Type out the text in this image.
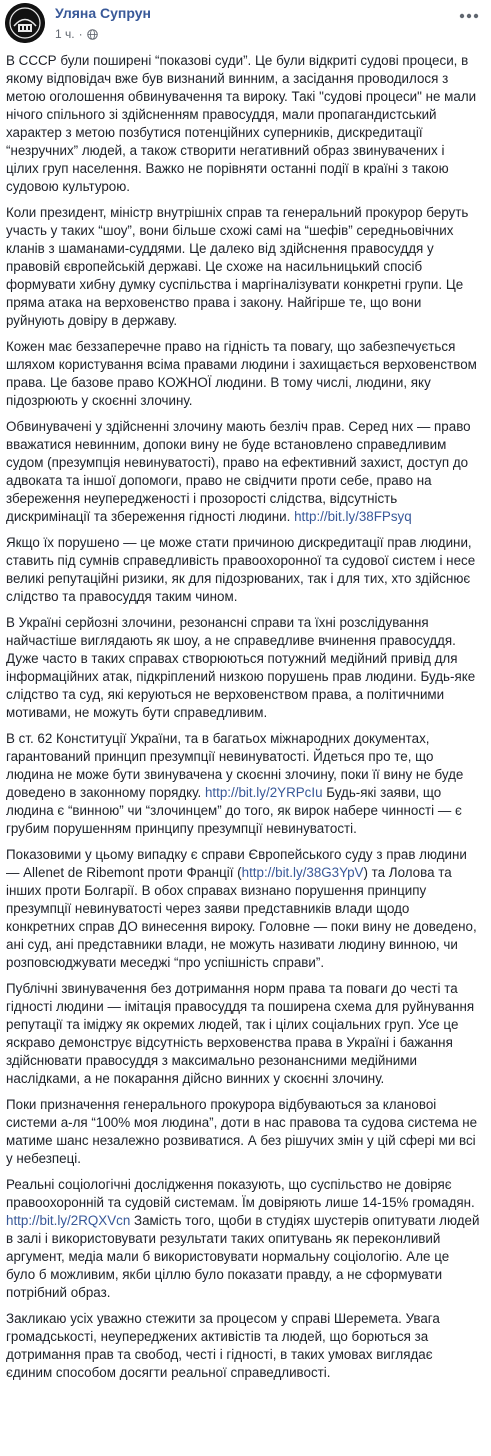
Уляна Супрун
1 ч. ·

В СССР були поширені “показові суди”. Це були відкриті судові процеси, в якому відповідач вже був визнаний винним, а засідання проводилося з метою оголошення обвинувачення та вироку. Такі "судові процеси" не мали нічого спільного зі здійсненням правосуддя, мали пропагандистський характер з метою позбутися потенційних суперників, дискредитації “незручних” людей, а також створити негативний образ звинувачених і цілих груп населення. Важко не порівняти останні події в країні з такою судовою культурою.

Коли президент, міністр внутрішніх справ та генеральний прокурор беруть участь у таких “шоу”, вони більше схожі самі на “шефів” середньовічних кланів з шаманами-суддями. Це далеко від здійснення правосуддя у правовій європейській державі. Це схоже на насильницький спосіб формувати хибну думку суспільства і маргіналізувати конкретні групи. Це пряма атака на верховенство права і закону. Найгірше те, що вони руйнують довіру в державу.

Кожен має беззаперечне право на гідність та повагу, що забезпечується шляхом користування всіма правами людини і захищається верховенством права. Це базове право КОЖНОЇ людини. В тому числі, людини, яку підозрюють у скоєнні злочину.

Обвинувачені у здійсненні злочину мають безліч прав. Серед них — право вважатися невинним, допоки вину не буде встановлено справедливим судом (презумпція невинуватості), право на ефективний захист, доступ до адвоката та іншої допомоги, право не свідчити проти себе, право на збереження неупередженості і прозорості слідства, відсутність дискримінації та збереження гідності людини. http://bit.ly/38FPsyq

Якщо їх порушено — це може стати причиною дискредитації прав людини, ставить під сумнів справедливість правоохоронної та судової систем і несе великі репутаційні ризики, як для підозрюваних, так і для тих, хто здійснює слідство та правосуддя таким чином.

В Україні серйозні злочини, резонансні справи та їхні розслідування найчастіше виглядають як шоу, а не справедливе вчинення правосуддя. Дуже часто в таких справах створюються потужний медійний привід для інформаційних атак, підкріплений низкою порушень прав людини. Будь-яке слідство та суд, які керуються не верховенством права, а політичними мотивами, не можуть бути справедливим.

В ст. 62 Конституції України, та в багатьох міжнародних документах, гарантований принцип презумпції невинуватості. Йдеться про те, що людина не може бути звинувачена у скоєнні злочину, поки її вину не буде доведено в законному порядку. http://bit.ly/2YRPcIu Будь-які заяви, що людина є “винною” чи “злочинцем” до того, як вирок набере чинності — є грубим порушенням принципу презумпції невинуватості.

Показовими у цьому випадку є справи Європейського суду з прав людини — Allenet de Ribemont проти Франції (http://bit.ly/38G3YpV) та Лолова та інших проти Болгарії. В обох справах визнано порушення принципу презумпції невинуватості через заяви представників влади щодо конкретних справ ДО винесення вироку. Головне — поки вину не доведено, ані суд, ані представники влади, не можуть називати людину винною, чи розповсюджувати меседжі “про успішність справи”.

Публічні звинувачення без дотримання норм права та поваги до честі та гідності людини — імітація правосуддя та поширена схема для руйнування репутації та іміджу як окремих людей, так і цілих соціальних груп. Усе це яскраво демонструє відсутність верховенства права в Україні і бажання здійснювати правосуддя з максимально резонансними медійними наслідками, а не покарання дійсно винних у скоєнні злочину.

Поки призначення генерального прокурора відбуваються за клановоі системи а-ля “100% моя людина”, доти в нас правова та судова система не матиме шанс незалежно розвиватися. А без рішучих змін у цій сфері ми всі у небезпеці.

Реальні соціологічні дослідження показують, що суспільство не довіряє правоохоронній та судовій системам. Їм довіряють лише 14-15% громадян. http://bit.ly/2RQXVcn Замість того, щоби в студіях шустерів опитувати людей в залі і використовувати результати таких опитувань як переконливий аргумент, медіа мали б використовувати нормальну соціологію. Але це було б можливим, якби ціллю було показати правду, а не сформувати потрібний образ.

Закликаю усіх уважно стежити за процесом у справі Шеремета. Увага громадськості, неупереджених активістів та людей, що борються за дотримання прав та свобод, честі і гідності, в таких умовах виглядає єдиним способом досягти реальної справедливості.
